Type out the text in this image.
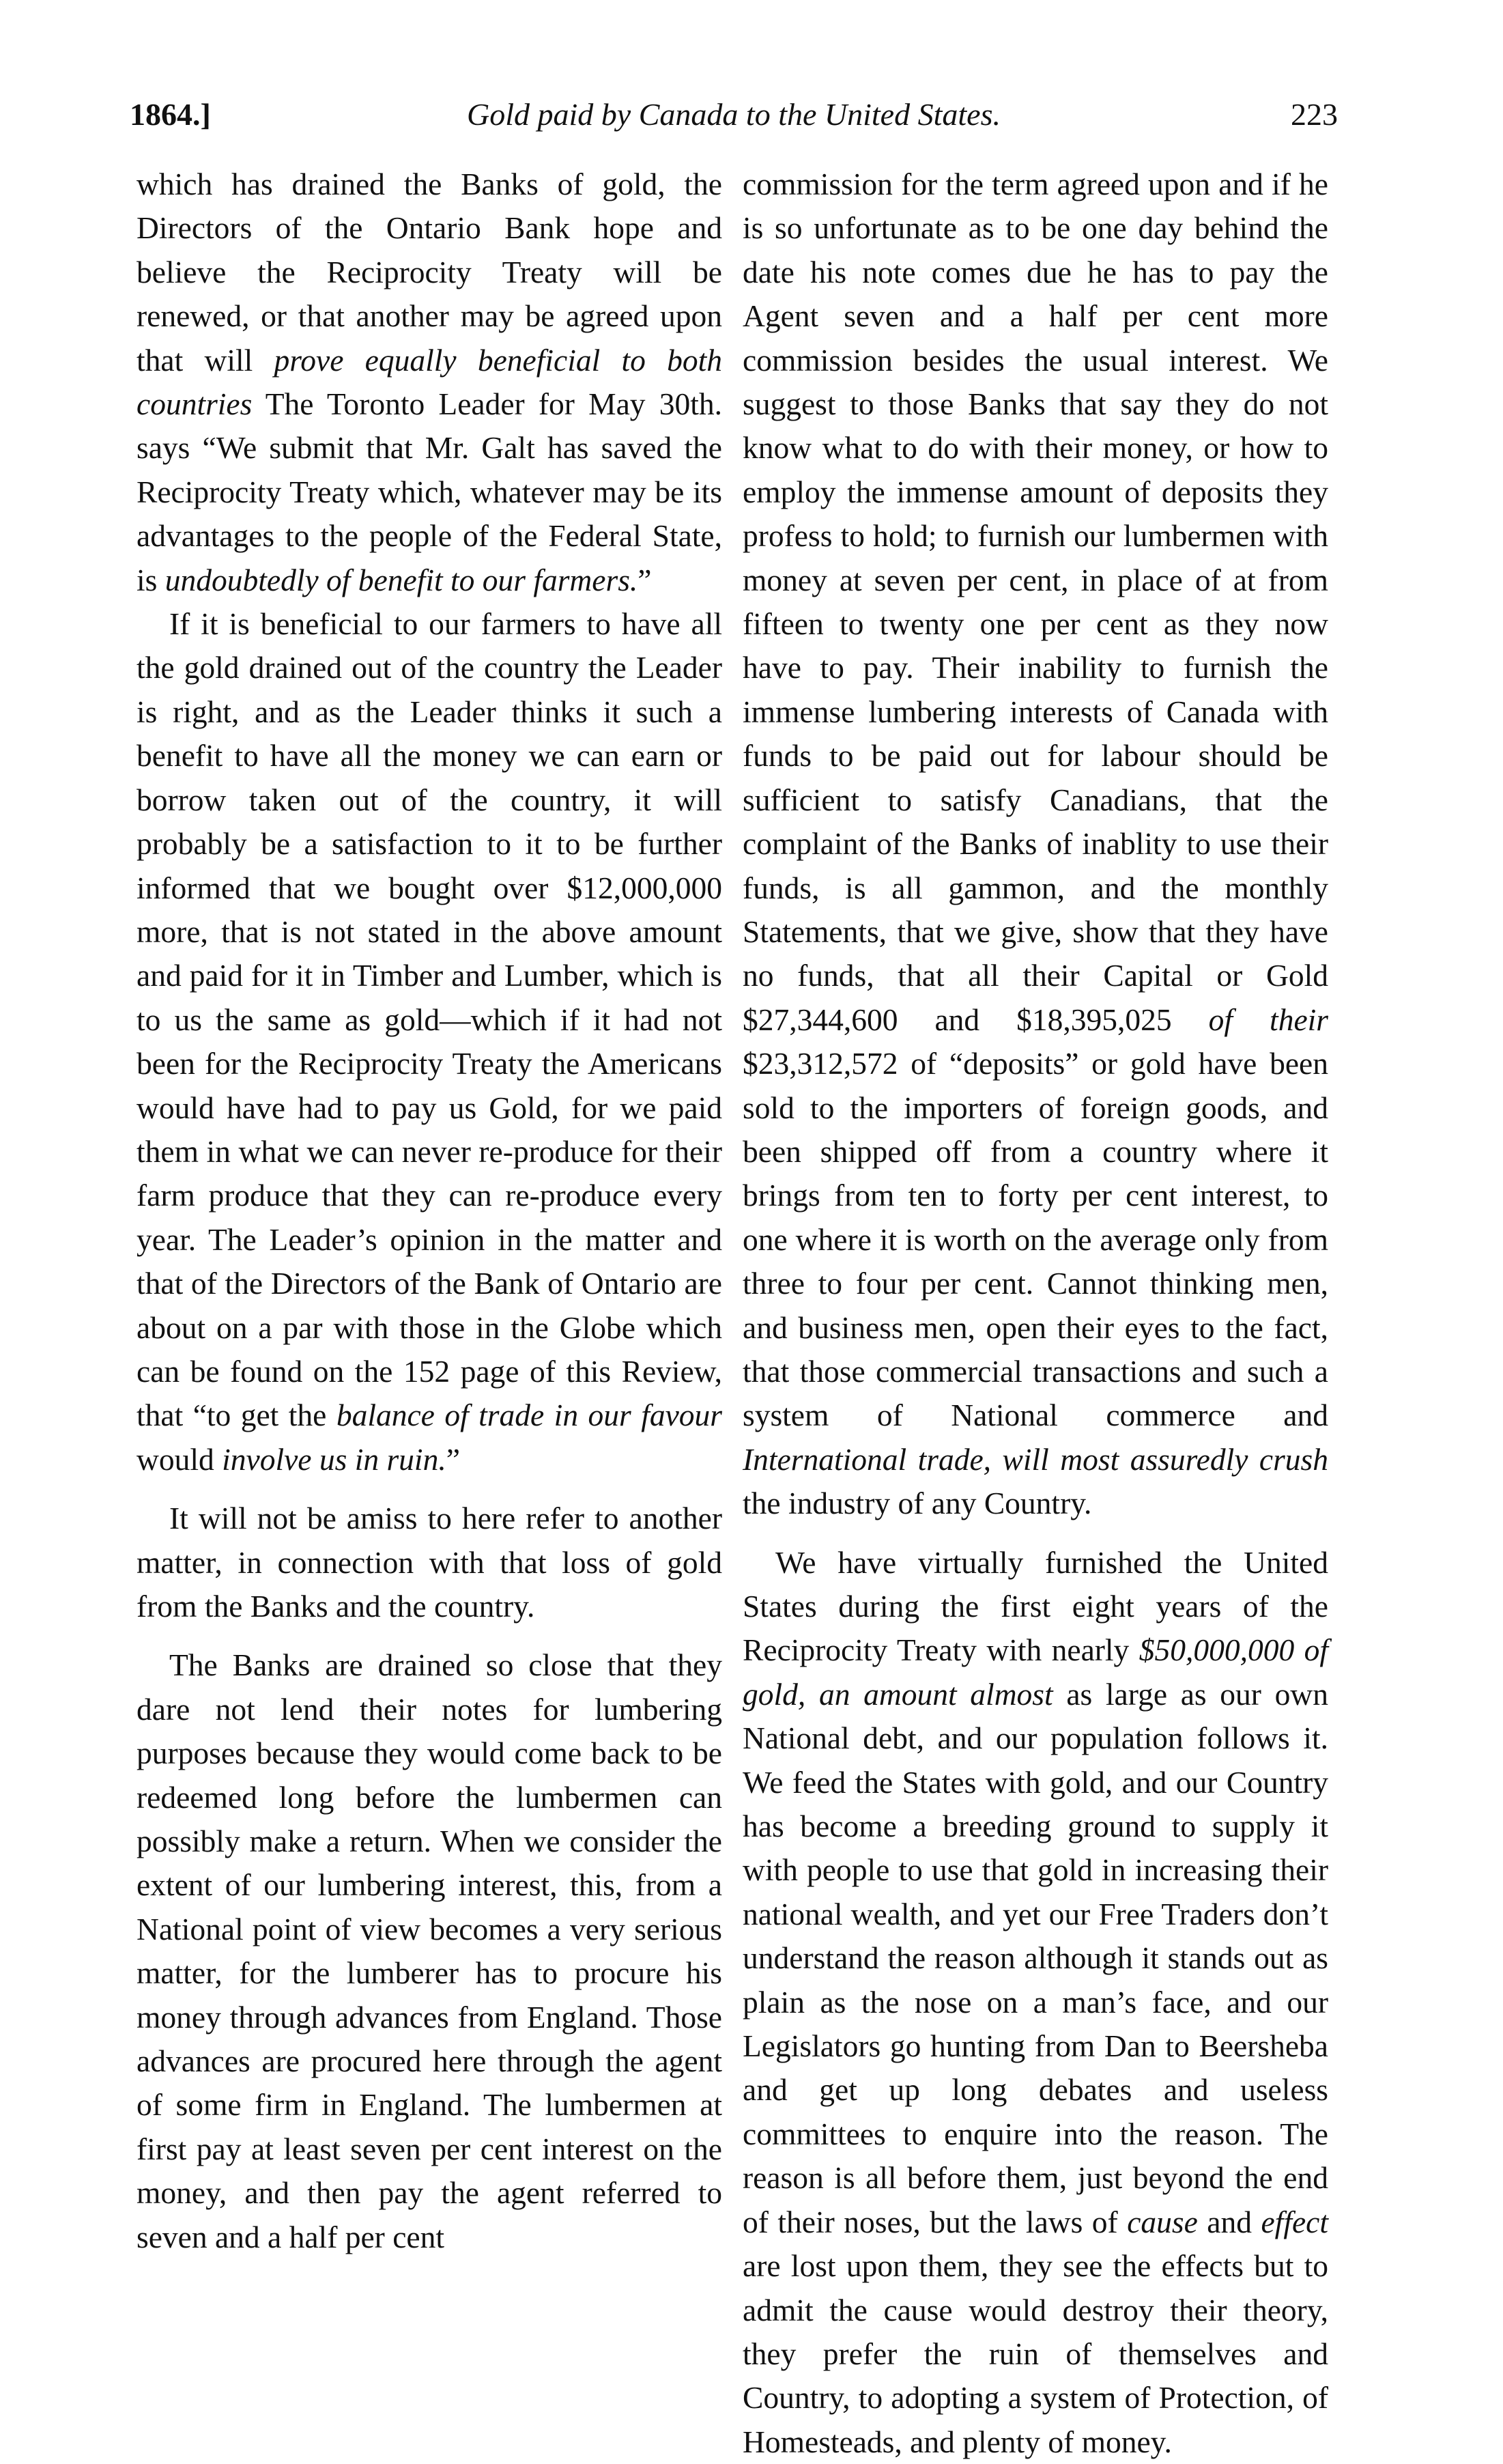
1864.]	Gold paid by Canada to the United States.	223

which has drained the Banks of gold, the Directors of the Ontario Bank hope and believe the Reciprocity Treaty will be renewed, or that another may be agreed upon that will prove equally beneficial to both countries The Toronto Leader for May 30th. says “We submit that Mr. Galt has saved the Reciprocity Treaty which, whatever may be its advantages to the people of the Federal State, is undoubtedly of benefit to our farmers.”

If it is beneficial to our farmers to have all the gold drained out of the country the Leader is right, and as the Leader thinks it such a benefit to have all the money we can earn or borrow taken out of the country, it will probably be a satisfaction to it to be further informed that we bought over $12,000,000 more, that is not stated in the above amount and paid for it in Timber and Lumber, which is to us the same as gold—which if it had not been for the Reciprocity Treaty the Americans would have had to pay us Gold, for we paid them in what we can never re-produce for their farm produce that they can re-produce every year. The Leader’s opinion in the matter and that of the Directors of the Bank of Ontario are about on a par with those in the Globe which can be found on the 152 page of this Review, that “to get the balance of trade in our favour would involve us in ruin.”

It will not be amiss to here refer to another matter, in connection with that loss of gold from the Banks and the country.

The Banks are drained so close that they dare not lend their notes for lumbering purposes because they would come back to be redeemed long before the lumbermen can possibly make a return. When we consider the extent of our lumbering interest, this, from a National point of view becomes a very serious matter, for the lumberer has to procure his money through advances from England. Those advances are procured here through the agent of some firm in England. The lumbermen at first pay at least seven per cent interest on the money, and then pay the agent referred to seven and a half per cent

commission for the term agreed upon and if he is so unfortunate as to be one day behind the date his note comes due he has to pay the Agent seven and a half per cent more commission besides the usual interest. We suggest to those Banks that say they do not know what to do with their money, or how to employ the immense amount of deposits they profess to hold; to furnish our lumbermen with money at seven per cent, in place of at from fifteen to twenty one per cent as they now have to pay. Their inability to furnish the immense lumbering interests of Canada with funds to be paid out for labour should be sufficient to satisfy Canadians, that the complaint of the Banks of inablity to use their funds, is all gammon, and the monthly Statements, that we give, show that they have no funds, that all their Capital or Gold $27,344,600 and $18,395,025 of their $23,312,572 of “deposits” or gold have been sold to the importers of foreign goods, and been shipped off from a country where it brings from ten to forty per cent interest, to one where it is worth on the average only from three to four per cent. Cannot thinking men, and business men, open their eyes to the fact, that those commercial transactions and such a system of National commerce and International trade, will most assuredly crush the industry of any Country.

We have virtually furnished the United States during the first eight years of the Reciprocity Treaty with nearly $50,000,000 of gold, an amount almost as large as our own National debt, and our population follows it. We feed the States with gold, and our Country has become a breeding ground to supply it with people to use that gold in increasing their national wealth, and yet our Free Traders don’t understand the reason although it stands out as plain as the nose on a man’s face, and our Legislators go hunting from Dan to Beersheba and get up long debates and useless committees to enquire into the reason. The reason is all before them, just beyond the end of their noses, but the laws of cause and effect are lost upon them, they see the effects but to admit the cause would destroy their theory, they prefer the ruin of themselves and Country, to adopting a system of Protection, of Homesteads, and plenty of money.
